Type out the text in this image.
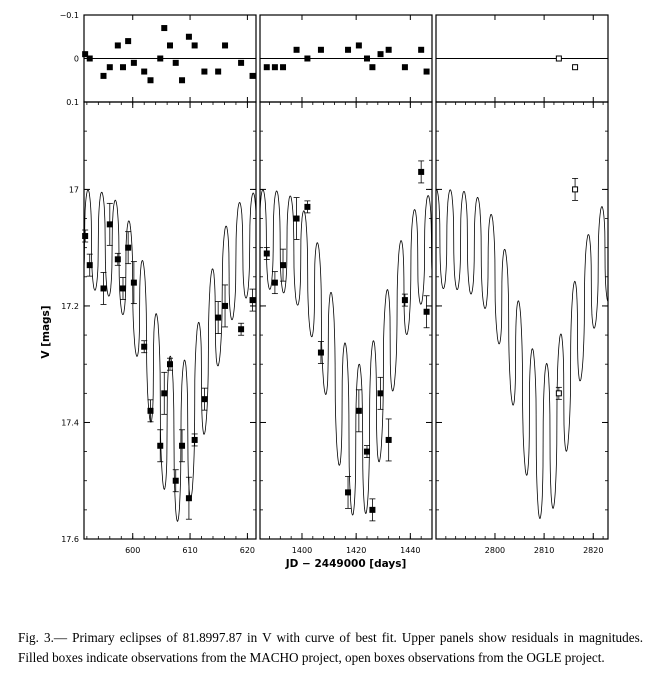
600	610	620
17
17.2
17.4
17.6
−0.1
0
0.1
1400	1420	1440	2800	2810	2820
V [mags]
JD − 2449000 [days]
Fig. 3.— Primary eclipses of 81.8997.87 in V with curve of best fit. Upper panels show residuals in magnitudes. Filled boxes indicate observations from the MACHO project, open boxes observations from the OGLE project.
